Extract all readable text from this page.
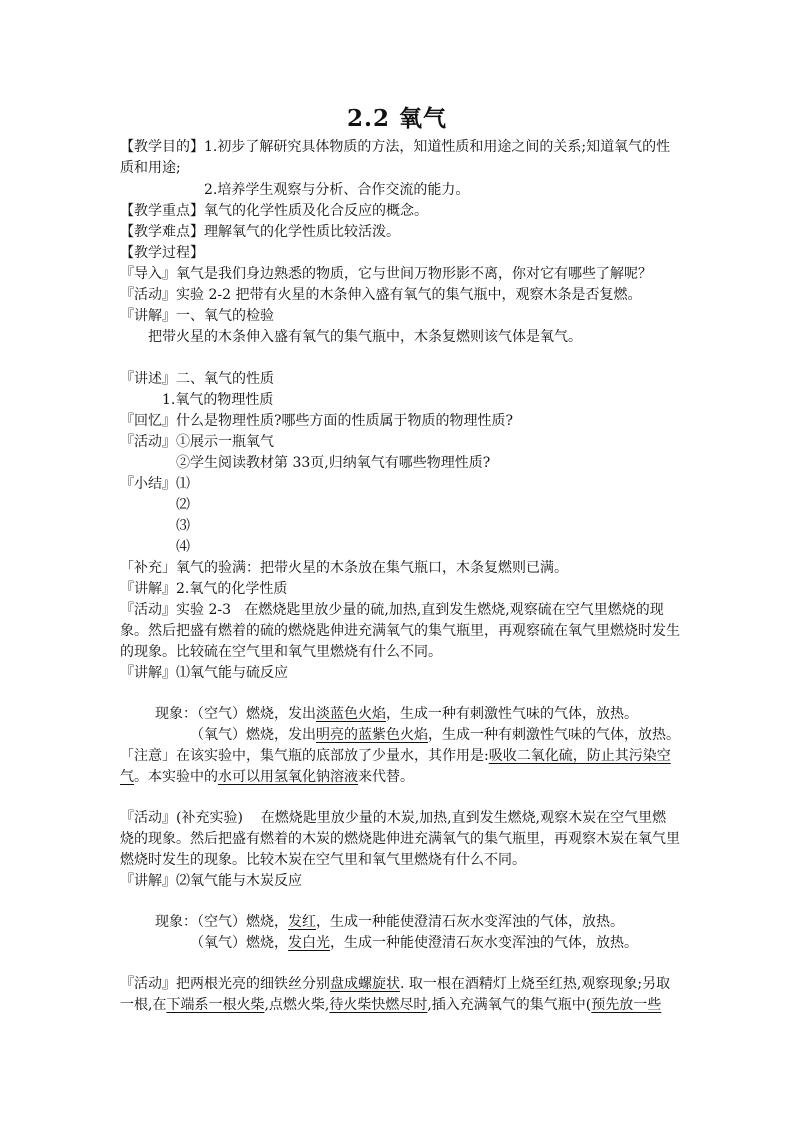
2.2 氧气
【教学目的】1.初步了解研究具体物质的方法，知道性质和用途之间的关系;知道氧气的性
质和用途;
2.培养学生观察与分析、合作交流的能力。
【教学重点】氧气的化学性质及化合反应的概念。
【教学难点】理解氧气的化学性质比较活泼。
【教学过程】
『导入』氧气是我们身边熟悉的物质，它与世间万物形影不离，你对它有哪些了解呢？
『活动』实验 2-2 把带有火星的木条伸入盛有氧气的集气瓶中，观察木条是否复燃。
『讲解』一、氧气的检验
把带火星的木条伸入盛有氧气的集气瓶中，木条复燃则该气体是氧气。
『讲述』二、氧气的性质
1.氧气的物理性质
『回忆』什么是物理性质?哪些方面的性质属于物质的物理性质?
『活动』①展示一瓶氧气
②学生阅读教材第 33页,归纳氧气有哪些物理性质?
『小结』⑴
⑵
⑶
⑷
「补充」氧气的验满：把带火星的木条放在集气瓶口，木条复燃则已满。
『讲解』2.氧气的化学性质
『活动』实验 2-3   在燃烧匙里放少量的硫,加热,直到发生燃烧,观察硫在空气里燃烧的现
象。然后把盛有燃着的硫的燃烧匙伸进充满氧气的集气瓶里，再观察硫在氧气里燃烧时发生
的现象。比较硫在空气里和氧气里燃烧有什么不同。
『讲解』⑴氧气能与硫反应
现象：（空气）燃烧，发出淡蓝色火焰，生成一种有刺激性气味的气体，放热。
（氧气）燃烧，发出明亮的蓝紫色火焰，生成一种有刺激性气味的气体，放热。
「注意」在该实验中，集气瓶的底部放了少量水，其作用是:吸收二氧化硫，防止其污染空
气。本实验中的水可以用氢氧化钠溶液来代替。
『活动』(补充实验)    在燃烧匙里放少量的木炭,加热,直到发生燃烧,观察木炭在空气里燃
烧的现象。然后把盛有燃着的木炭的燃烧匙伸进充满氧气的集气瓶里，再观察木炭在氧气里
燃烧时发生的现象。比较木炭在空气里和氧气里燃烧有什么不同。
『讲解』⑵氧气能与木炭反应
现象：（空气）燃烧，发红，生成一种能使澄清石灰水变浑浊的气体，放热。
（氧气）燃烧，发白光，生成一种能使澄清石灰水变浑浊的气体，放热。
『活动』把两根光亮的细铁丝分别盘成螺旋状. 取一根在酒精灯上烧至红热,观察现象;另取
一根,在下端系一根火柴,点燃火柴,待火柴快燃尽时,插入充满氧气的集气瓶中(预先放一些
